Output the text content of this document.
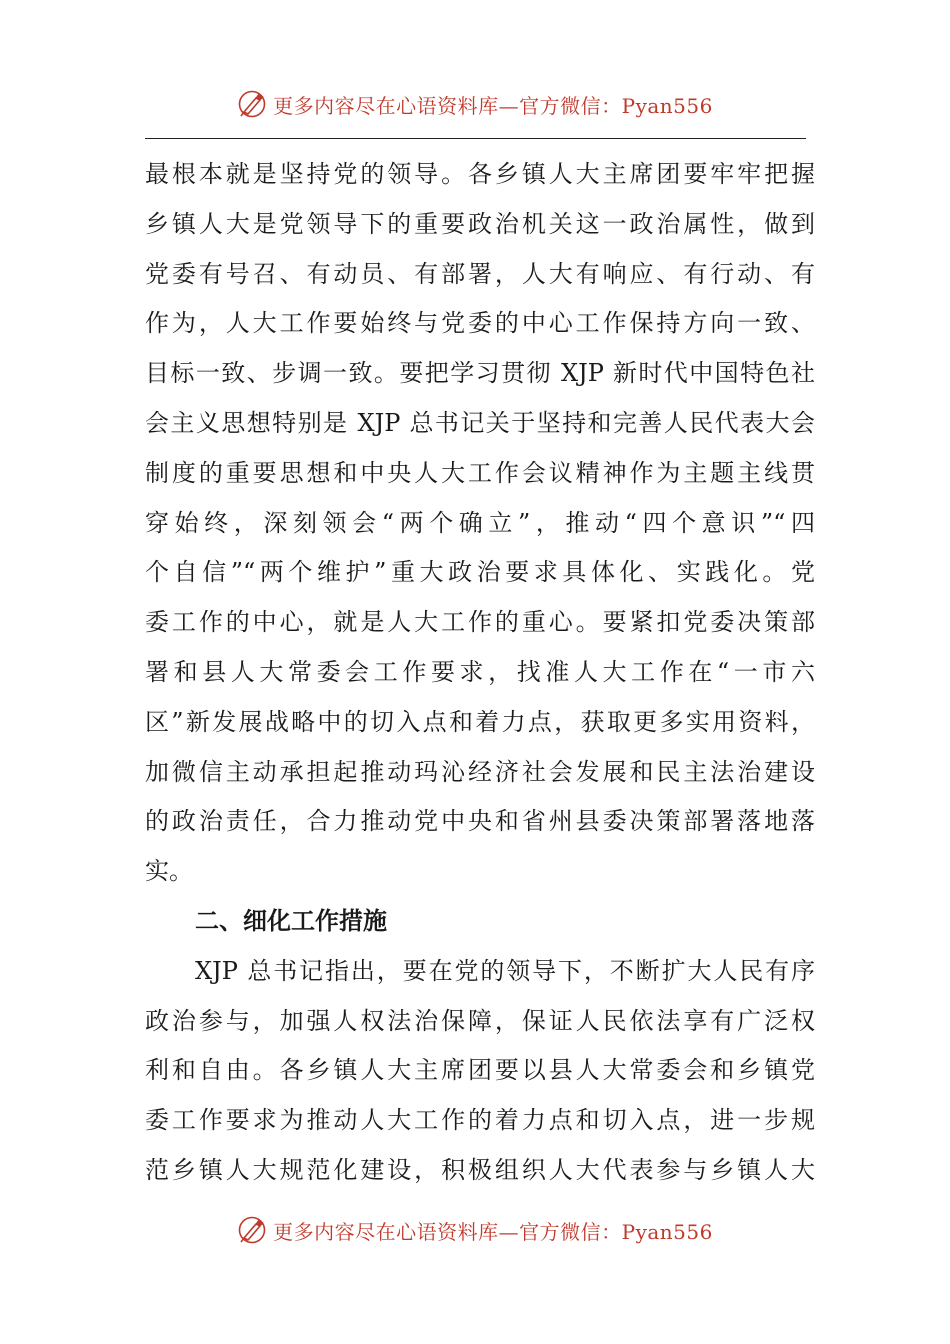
更多内容尽在心语资料库—官方微信：Pyan556
最根本就是坚持党的领导。各乡镇人大主席团要牢牢把握
乡镇人大是党领导下的重要政治机关这一政治属性，做到
党委有号召、有动员、有部署，人大有响应、有行动、有
作为，人大工作要始终与党委的中心工作保持方向一致、
目标一致、步调一致。要把学习贯彻 XJP 新时代中国特色社
会主义思想特别是 XJP 总书记关于坚持和完善人民代表大会
制度的重要思想和中央人大工作会议精神作为主题主线贯
穿始终，深刻领会“两个确立”，推动“四个意识”“四
个自信”“两个维护”重大政治要求具体化、实践化。党
委工作的中心，就是人大工作的重心。要紧扣党委决策部
署和县人大常委会工作要求，找准人大工作在“一市六
区”新发展战略中的切入点和着力点，获取更多实用资料，
加微信主动承担起推动玛沁经济社会发展和民主法治建设
的政治责任，合力推动党中央和省州县委决策部署落地落
实。
二、细化工作措施
XJP 总书记指出，要在党的领导下，不断扩大人民有序
政治参与，加强人权法治保障，保证人民依法享有广泛权
利和自由。各乡镇人大主席团要以县人大常委会和乡镇党
委工作要求为推动人大工作的着力点和切入点，进一步规
范乡镇人大规范化建设，积极组织人大代表参与乡镇人大
更多内容尽在心语资料库—官方微信：Pyan556
